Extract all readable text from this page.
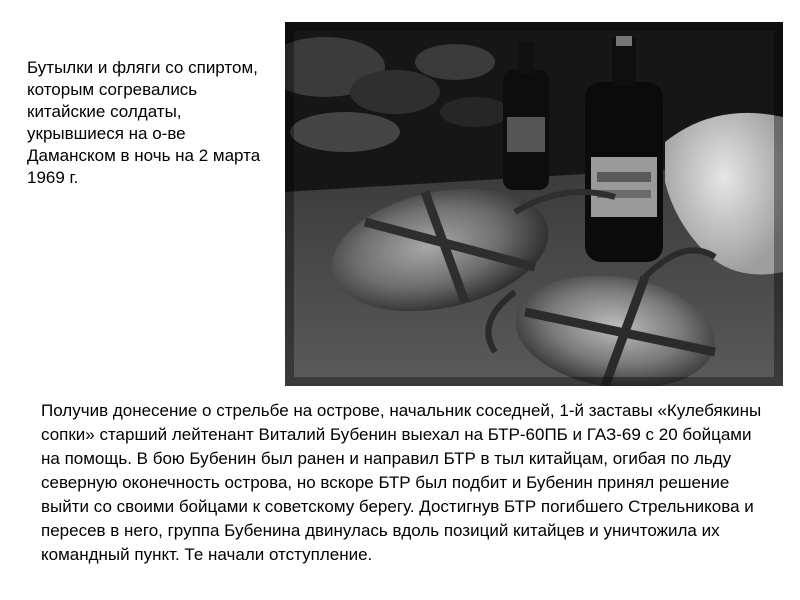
Бутылки и фляги со спиртом, которым согревались китайские солдаты, укрывшиеся на о-ве Даманском в ночь на 2 марта 1969 г.

Получив донесение о стрельбе на острове, начальник соседней, 1-й заставы «Кулебякины сопки» старший лейтенант Виталий Бубенин выехал на БТР-60ПБ и ГАЗ-69 с 20 бойцами на помощь. В бою Бубенин был ранен и направил БТР в тыл китайцам, огибая по льду северную оконечность острова, но вскоре БТР был подбит и Бубенин принял решение выйти со своими бойцами к советскому берегу. Достигнув БТР погибшего Стрельникова и пересев в него, группа Бубенина двинулась вдоль позиций китайцев и уничтожила их командный пункт. Те начали отступление.
